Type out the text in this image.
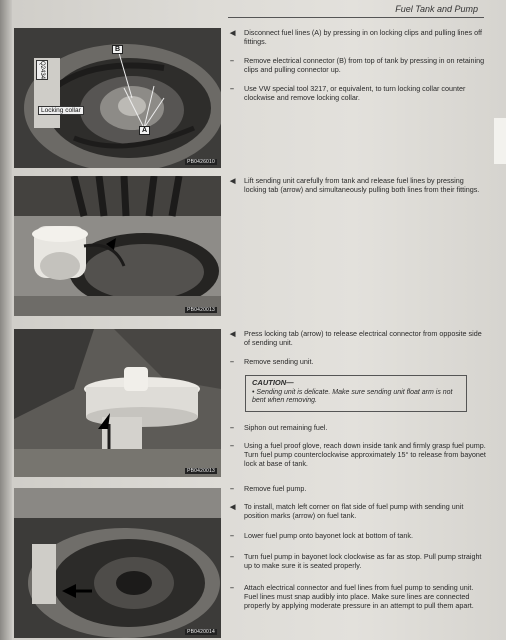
Fuel Tank and Pump
B
A
Locking collar
Q2434
PB0426010
PB0420013
PB0420013
PB0420014
◀	Disconnect fuel lines (A) by pressing in on locking clips and pulling lines off fittings.
–	Remove electrical connector (B) from top of tank by pressing in on retaining clips and pulling connector up.
–	Use VW special tool 3217, or equivalent, to turn locking collar counter clockwise and remove locking collar.
◀	Lift sending unit carefully from tank and release fuel lines by pressing locking tab (arrow) and simultaneously pulling both lines from their fittings.
◀	Press locking tab (arrow) to release electrical connector from opposite side of sending unit.
–	Remove sending unit.
CAUTION—
• Sending unit is delicate. Make sure sending unit float arm is not bent when removing.
–	Siphon out remaining fuel.
–	Using a fuel proof glove, reach down inside tank and firmly grasp fuel pump. Turn fuel pump counterclockwise approximately 15° to release from bayonet lock at base of tank.
–	Remove fuel pump.
◀	To install, match left corner on flat side of fuel pump with sending unit position marks (arrow) on fuel tank.
–	Lower fuel pump onto bayonet lock at bottom of tank.
–	Turn fuel pump in bayonet lock clockwise as far as stop. Pull pump straight up to make sure it is seated properly.
–	Attach electrical connector and fuel lines from fuel pump to sending unit. Fuel lines must snap audibly into place. Make sure lines are connected properly by applying moderate pressure in an attempt to pull them apart.
